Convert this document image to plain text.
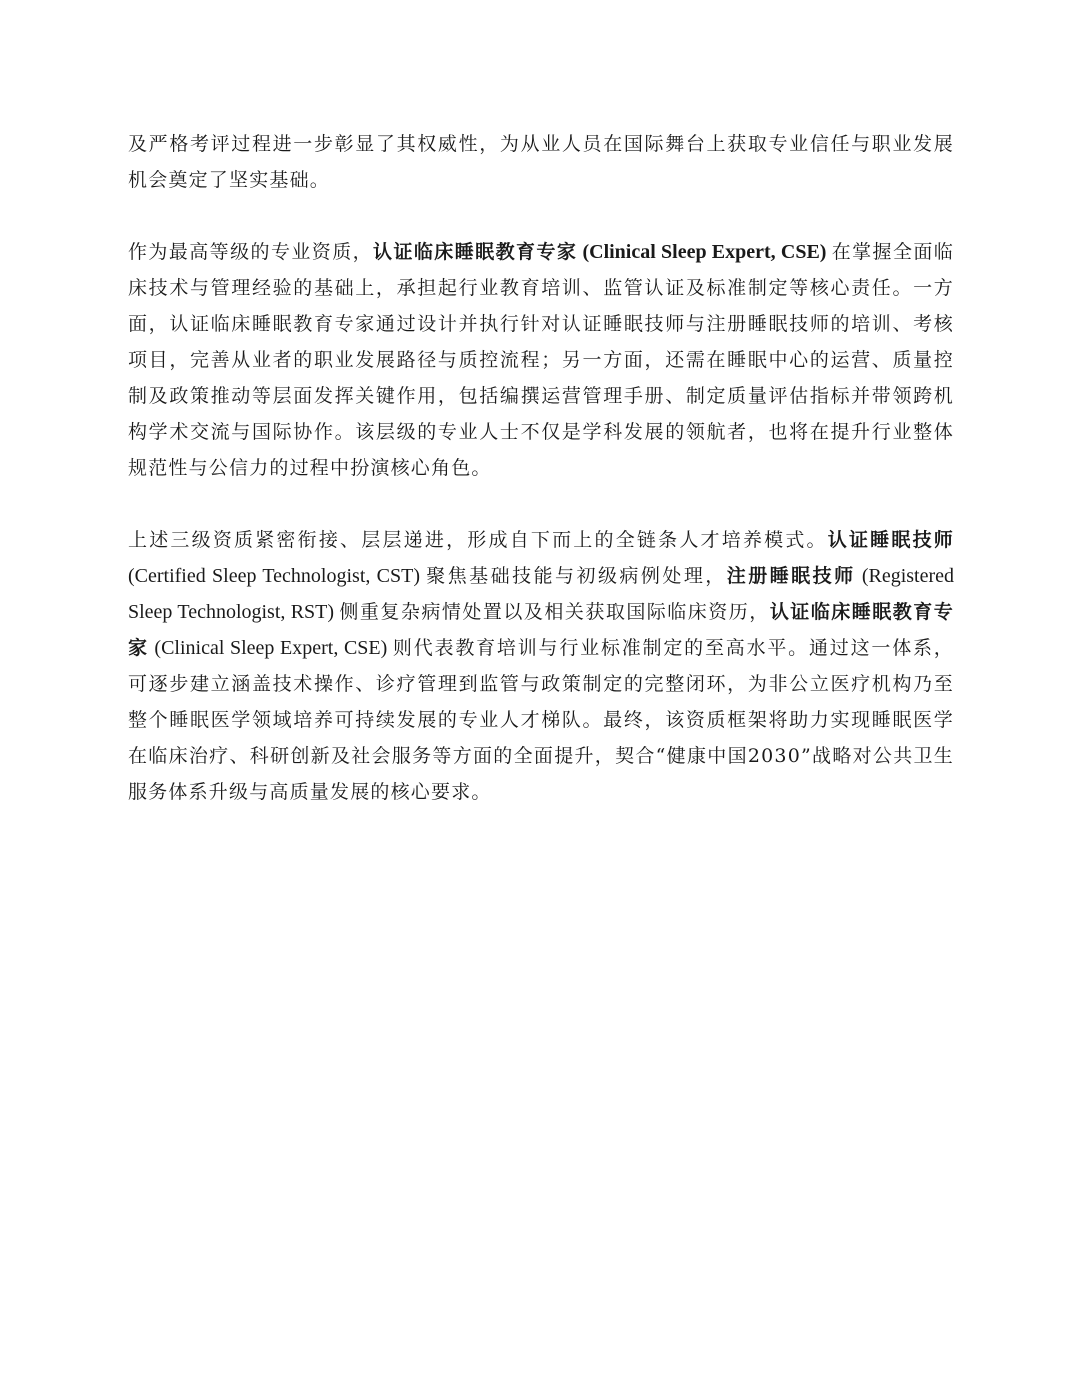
及严格考评过程进一步彰显了其权威性，为从业人员在国际舞台上获取专业信任与职业发展机会奠定了坚实基础。

作为最高等级的专业资质，认证临床睡眠教育专家 (Clinical Sleep Expert, CSE) 在掌握全面临床技术与管理经验的基础上，承担起行业教育培训、监管认证及标准制定等核心责任。一方面，认证临床睡眠教育专家通过设计并执行针对认证睡眠技师与注册睡眠技师的培训、考核项目，完善从业者的职业发展路径与质控流程；另一方面，还需在睡眠中心的运营、质量控制及政策推动等层面发挥关键作用，包括编撰运营管理手册、制定质量评估指标并带领跨机构学术交流与国际协作。该层级的专业人士不仅是学科发展的领航者，也将在提升行业整体规范性与公信力的过程中扮演核心角色。

上述三级资质紧密衔接、层层递进，形成自下而上的全链条人才培养模式。认证睡眠技师 (Certified Sleep Technologist, CST) 聚焦基础技能与初级病例处理，注册睡眠技师 (Registered Sleep Technologist, RST) 侧重复杂病情处置以及相关获取国际临床资历，认证临床睡眠教育专家 (Clinical Sleep Expert, CSE) 则代表教育培训与行业标准制定的至高水平。通过这一体系，可逐步建立涵盖技术操作、诊疗管理到监管与政策制定的完整闭环，为非公立医疗机构乃至整个睡眠医学领域培养可持续发展的专业人才梯队。最终，该资质框架将助力实现睡眠医学在临床治疗、科研创新及社会服务等方面的全面提升，契合“健康中国2030”战略对公共卫生服务体系升级与高质量发展的核心要求。
